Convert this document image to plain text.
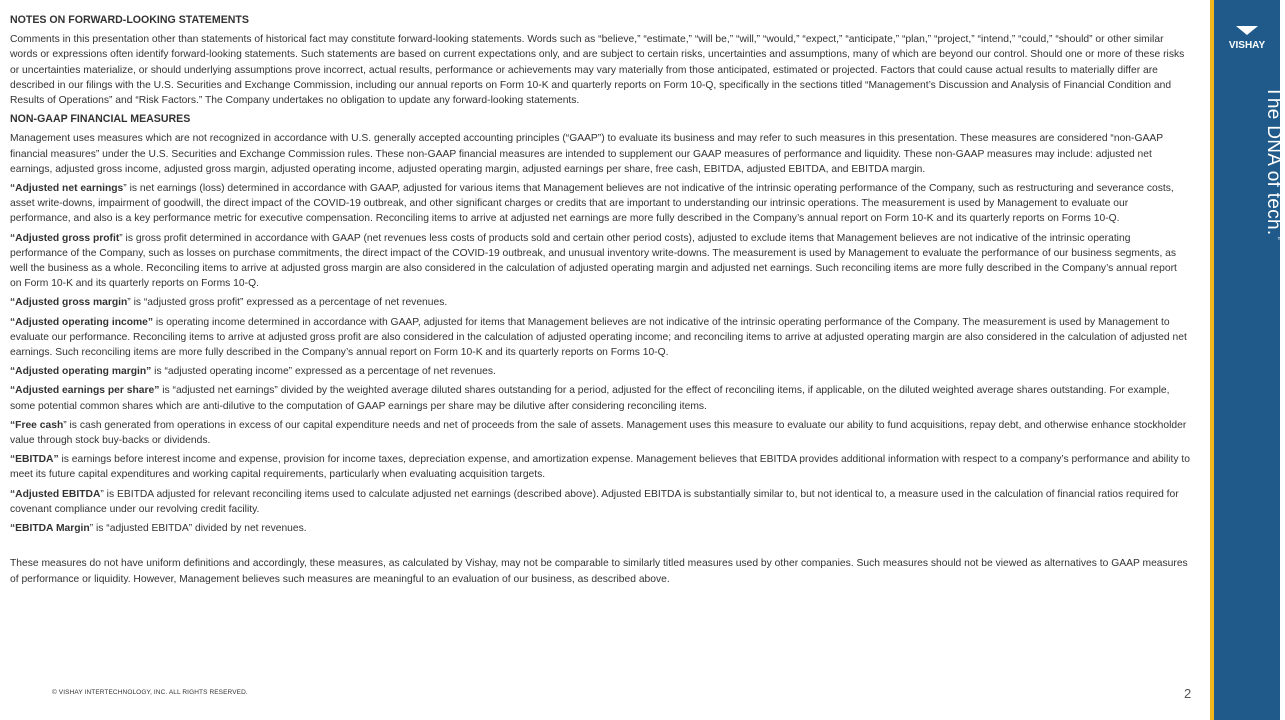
NOTES ON FORWARD-LOOKING STATEMENTS
Comments in this presentation other than statements of historical fact may constitute forward-looking statements. Words such as “believe,” “estimate,” “will be,” “will,” “would,” “expect,” “anticipate,” “plan,” “project,” “intend,” “could,” “should” or other similar words or expressions often identify forward-looking statements. Such statements are based on current expectations only, and are subject to certain risks, uncertainties and assumptions, many of which are beyond our control. Should one or more of these risks or uncertainties materialize, or should underlying assumptions prove incorrect, actual results, performance or achievements may vary materially from those anticipated, estimated or projected. Factors that could cause actual results to materially differ are described in our filings with the U.S. Securities and Exchange Commission, including our annual reports on Form 10-K and quarterly reports on Form 10-Q, specifically in the sections titled “Management’s Discussion and Analysis of Financial Condition and Results of Operations” and “Risk Factors.” The Company undertakes no obligation to update any forward-looking statements.
NON-GAAP FINANCIAL MEASURES
Management uses measures which are not recognized in accordance with U.S. generally accepted accounting principles (“GAAP”) to evaluate its business and may refer to such measures in this presentation. These measures are considered “non-GAAP financial measures” under the U.S. Securities and Exchange Commission rules. These non-GAAP financial measures are intended to supplement our GAAP measures of performance and liquidity. These non-GAAP measures may include: adjusted net earnings, adjusted gross income, adjusted gross margin, adjusted operating income, adjusted operating margin, adjusted earnings per share, free cash, EBITDA, adjusted EBITDA, and EBITDA margin.
“Adjusted net earnings” is net earnings (loss) determined in accordance with GAAP, adjusted for various items that Management believes are not indicative of the intrinsic operating performance of the Company, such as restructuring and severance costs, asset write-downs, impairment of goodwill, the direct impact of the COVID-19 outbreak, and other significant charges or credits that are important to understanding our intrinsic operations. The measurement is used by Management to evaluate our performance, and also is a key performance metric for executive compensation. Reconciling items to arrive at adjusted net earnings are more fully described in the Company’s annual report on Form 10-K and its quarterly reports on Forms 10-Q.
“Adjusted gross profit” is gross profit determined in accordance with GAAP (net revenues less costs of products sold and certain other period costs), adjusted to exclude items that Management believes are not indicative of the intrinsic operating performance of the Company, such as losses on purchase commitments, the direct impact of the COVID-19 outbreak, and unusual inventory write-downs. The measurement is used by Management to evaluate the performance of our business segments, as well the business as a whole. Reconciling items to arrive at adjusted gross margin are also considered in the calculation of adjusted operating margin and adjusted net earnings. Such reconciling items are more fully described in the Company’s annual report on Form 10-K and its quarterly reports on Forms 10-Q.
“Adjusted gross margin” is “adjusted gross profit” expressed as a percentage of net revenues.
“Adjusted operating income” is operating income determined in accordance with GAAP, adjusted for items that Management believes are not indicative of the intrinsic operating performance of the Company. The measurement is used by Management to evaluate our performance. Reconciling items to arrive at adjusted gross profit are also considered in the calculation of adjusted operating income; and reconciling items to arrive at adjusted operating margin are also considered in the calculation of adjusted net earnings. Such reconciling items are more fully described in the Company’s annual report on Form 10-K and its quarterly reports on Forms 10-Q.
“Adjusted operating margin” is “adjusted operating income” expressed as a percentage of net revenues.
“Adjusted earnings per share” is “adjusted net earnings” divided by the weighted average diluted shares outstanding for a period, adjusted for the effect of reconciling items, if applicable, on the diluted weighted average shares outstanding. For example, some potential common shares which are anti-dilutive to the computation of GAAP earnings per share may be dilutive after considering reconciling items.
“Free cash” is cash generated from operations in excess of our capital expenditure needs and net of proceeds from the sale of assets. Management uses this measure to evaluate our ability to fund acquisitions, repay debt, and otherwise enhance stockholder value through stock buy-backs or dividends.
“EBITDA” is earnings before interest income and expense, provision for income taxes, depreciation expense, and amortization expense. Management believes that EBITDA provides additional information with respect to a company’s performance and ability to meet its future capital expenditures and working capital requirements, particularly when evaluating acquisition targets.
“Adjusted EBITDA” is EBITDA adjusted for relevant reconciling items used to calculate adjusted net earnings (described above). Adjusted EBITDA is substantially similar to, but not identical to, a measure used in the calculation of financial ratios required for covenant compliance under our revolving credit facility.
“EBITDA Margin” is “adjusted EBITDA” divided by net revenues.
These measures do not have uniform definitions and accordingly, these measures, as calculated by Vishay, may not be comparable to similarly titled measures used by other companies. Such measures should not be viewed as alternatives to GAAP measures of performance or liquidity. However, Management believes such measures are meaningful to an evaluation of our business, as described above.
© VISHAY INTERTECHNOLOGY, INC. ALL RIGHTS RESERVED.	2
VISHAY
The DNA of tech.™
